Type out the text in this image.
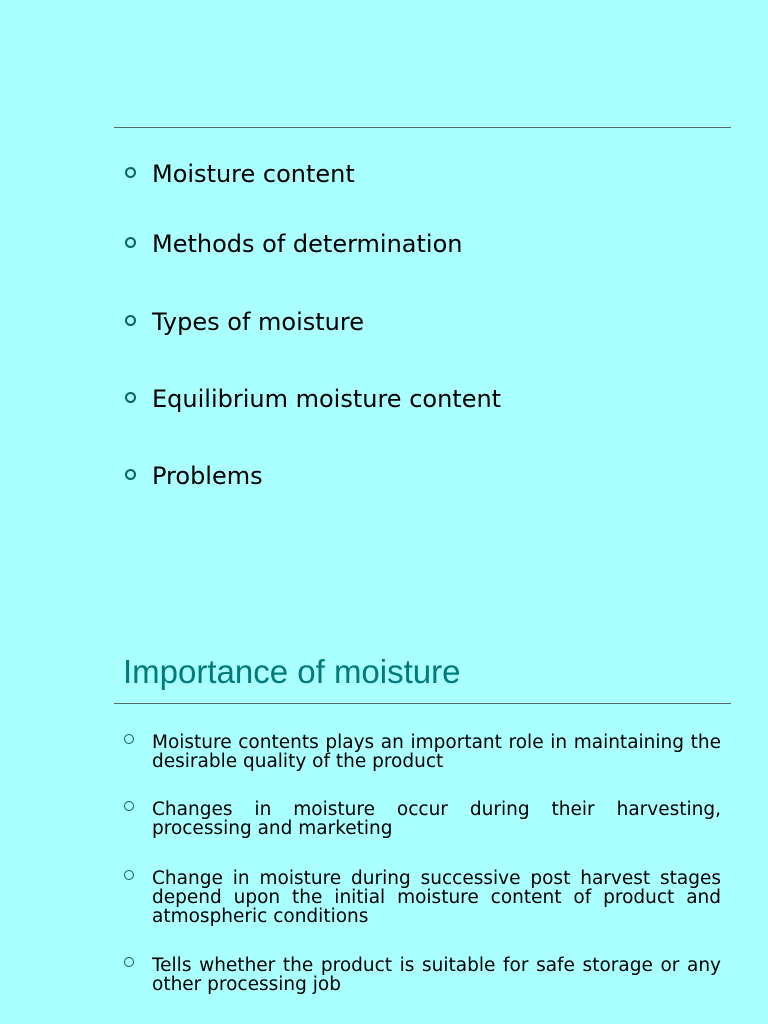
Moisture content
Methods of determination
Types of moisture
Equilibrium moisture content
Problems
Importance of moisture
Moisture contents plays an important role in maintaining the desirable quality of the product
Changes in moisture occur during their harvesting, processing and marketing
Change in moisture during successive post harvest stages depend upon the initial moisture content of product and atmospheric conditions
Tells whether the product is suitable for safe storage or any other processing job
